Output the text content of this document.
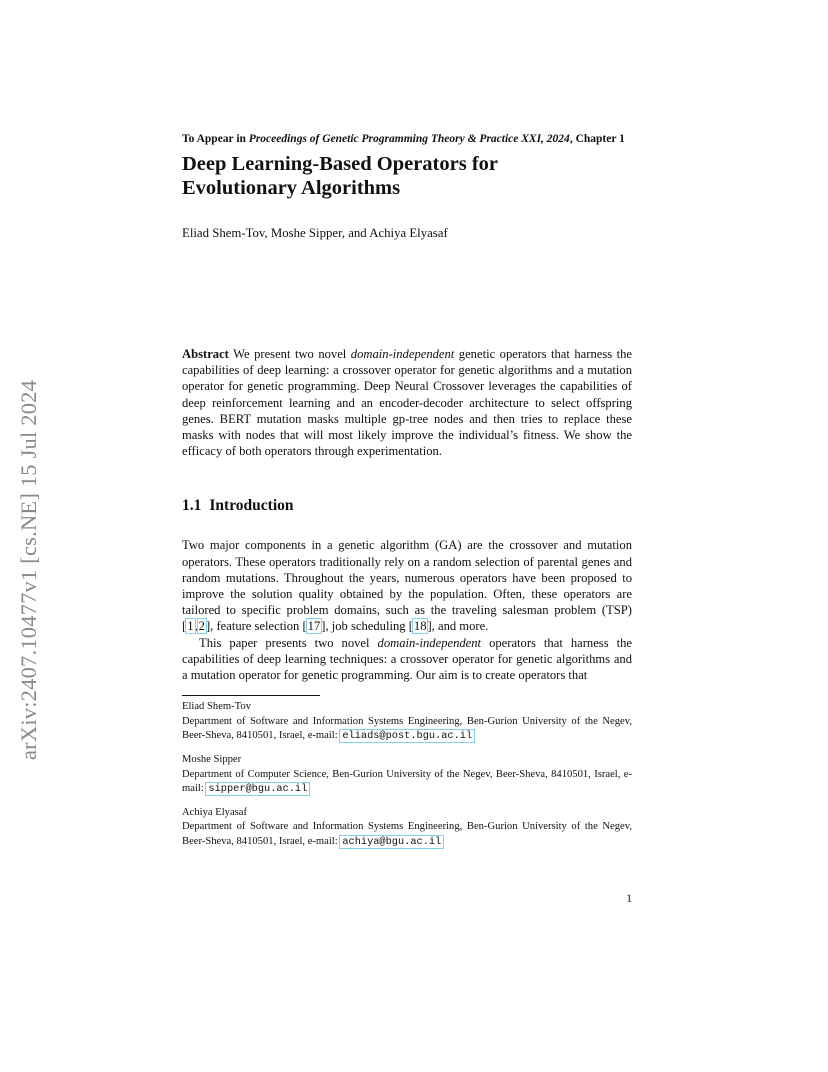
arXiv:2407.10477v1 [cs.NE] 15 Jul 2024
To Appear in Proceedings of Genetic Programming Theory & Practice XXI, 2024, Chapter 1
Deep Learning-Based Operators for
Evolutionary Algorithms
Eliad Shem-Tov, Moshe Sipper, and Achiya Elyasaf
Abstract We present two novel domain-independent genetic operators that harness the capabilities of deep learning: a crossover operator for genetic algorithms and a mutation operator for genetic programming. Deep Neural Crossover leverages the capabilities of deep reinforcement learning and an encoder-decoder architecture to select offspring genes. BERT mutation masks multiple gp-tree nodes and then tries to replace these masks with nodes that will most likely improve the individual’s fitness. We show the efficacy of both operators through experimentation.
1.1 Introduction

Two major components in a genetic algorithm (GA) are the crossover and mutation operators. These operators traditionally rely on a random selection of parental genes and random mutations. Throughout the years, numerous operators have been proposed to improve the solution quality obtained by the population. Often, these operators are tailored to specific problem domains, such as the traveling salesman problem (TSP) [1,2], feature selection [17], job scheduling [18], and more.

This paper presents two novel domain-independent operators that harness the capabilities of deep learning techniques: a crossover operator for genetic algorithms and a mutation operator for genetic programming. Our aim is to create operators that

Eliad Shem-Tov
Department of Software and Information Systems Engineering, Ben-Gurion University of the Negev, Beer-Sheva, 8410501, Israel, e-mail: eliads@post.bgu.ac.il
Moshe Sipper
Department of Computer Science, Ben-Gurion University of the Negev, Beer-Sheva, 8410501, Israel, e-mail: sipper@bgu.ac.il
Achiya Elyasaf
Department of Software and Information Systems Engineering, Ben-Gurion University of the Negev, Beer-Sheva, 8410501, Israel, e-mail: achiya@bgu.ac.il
1
